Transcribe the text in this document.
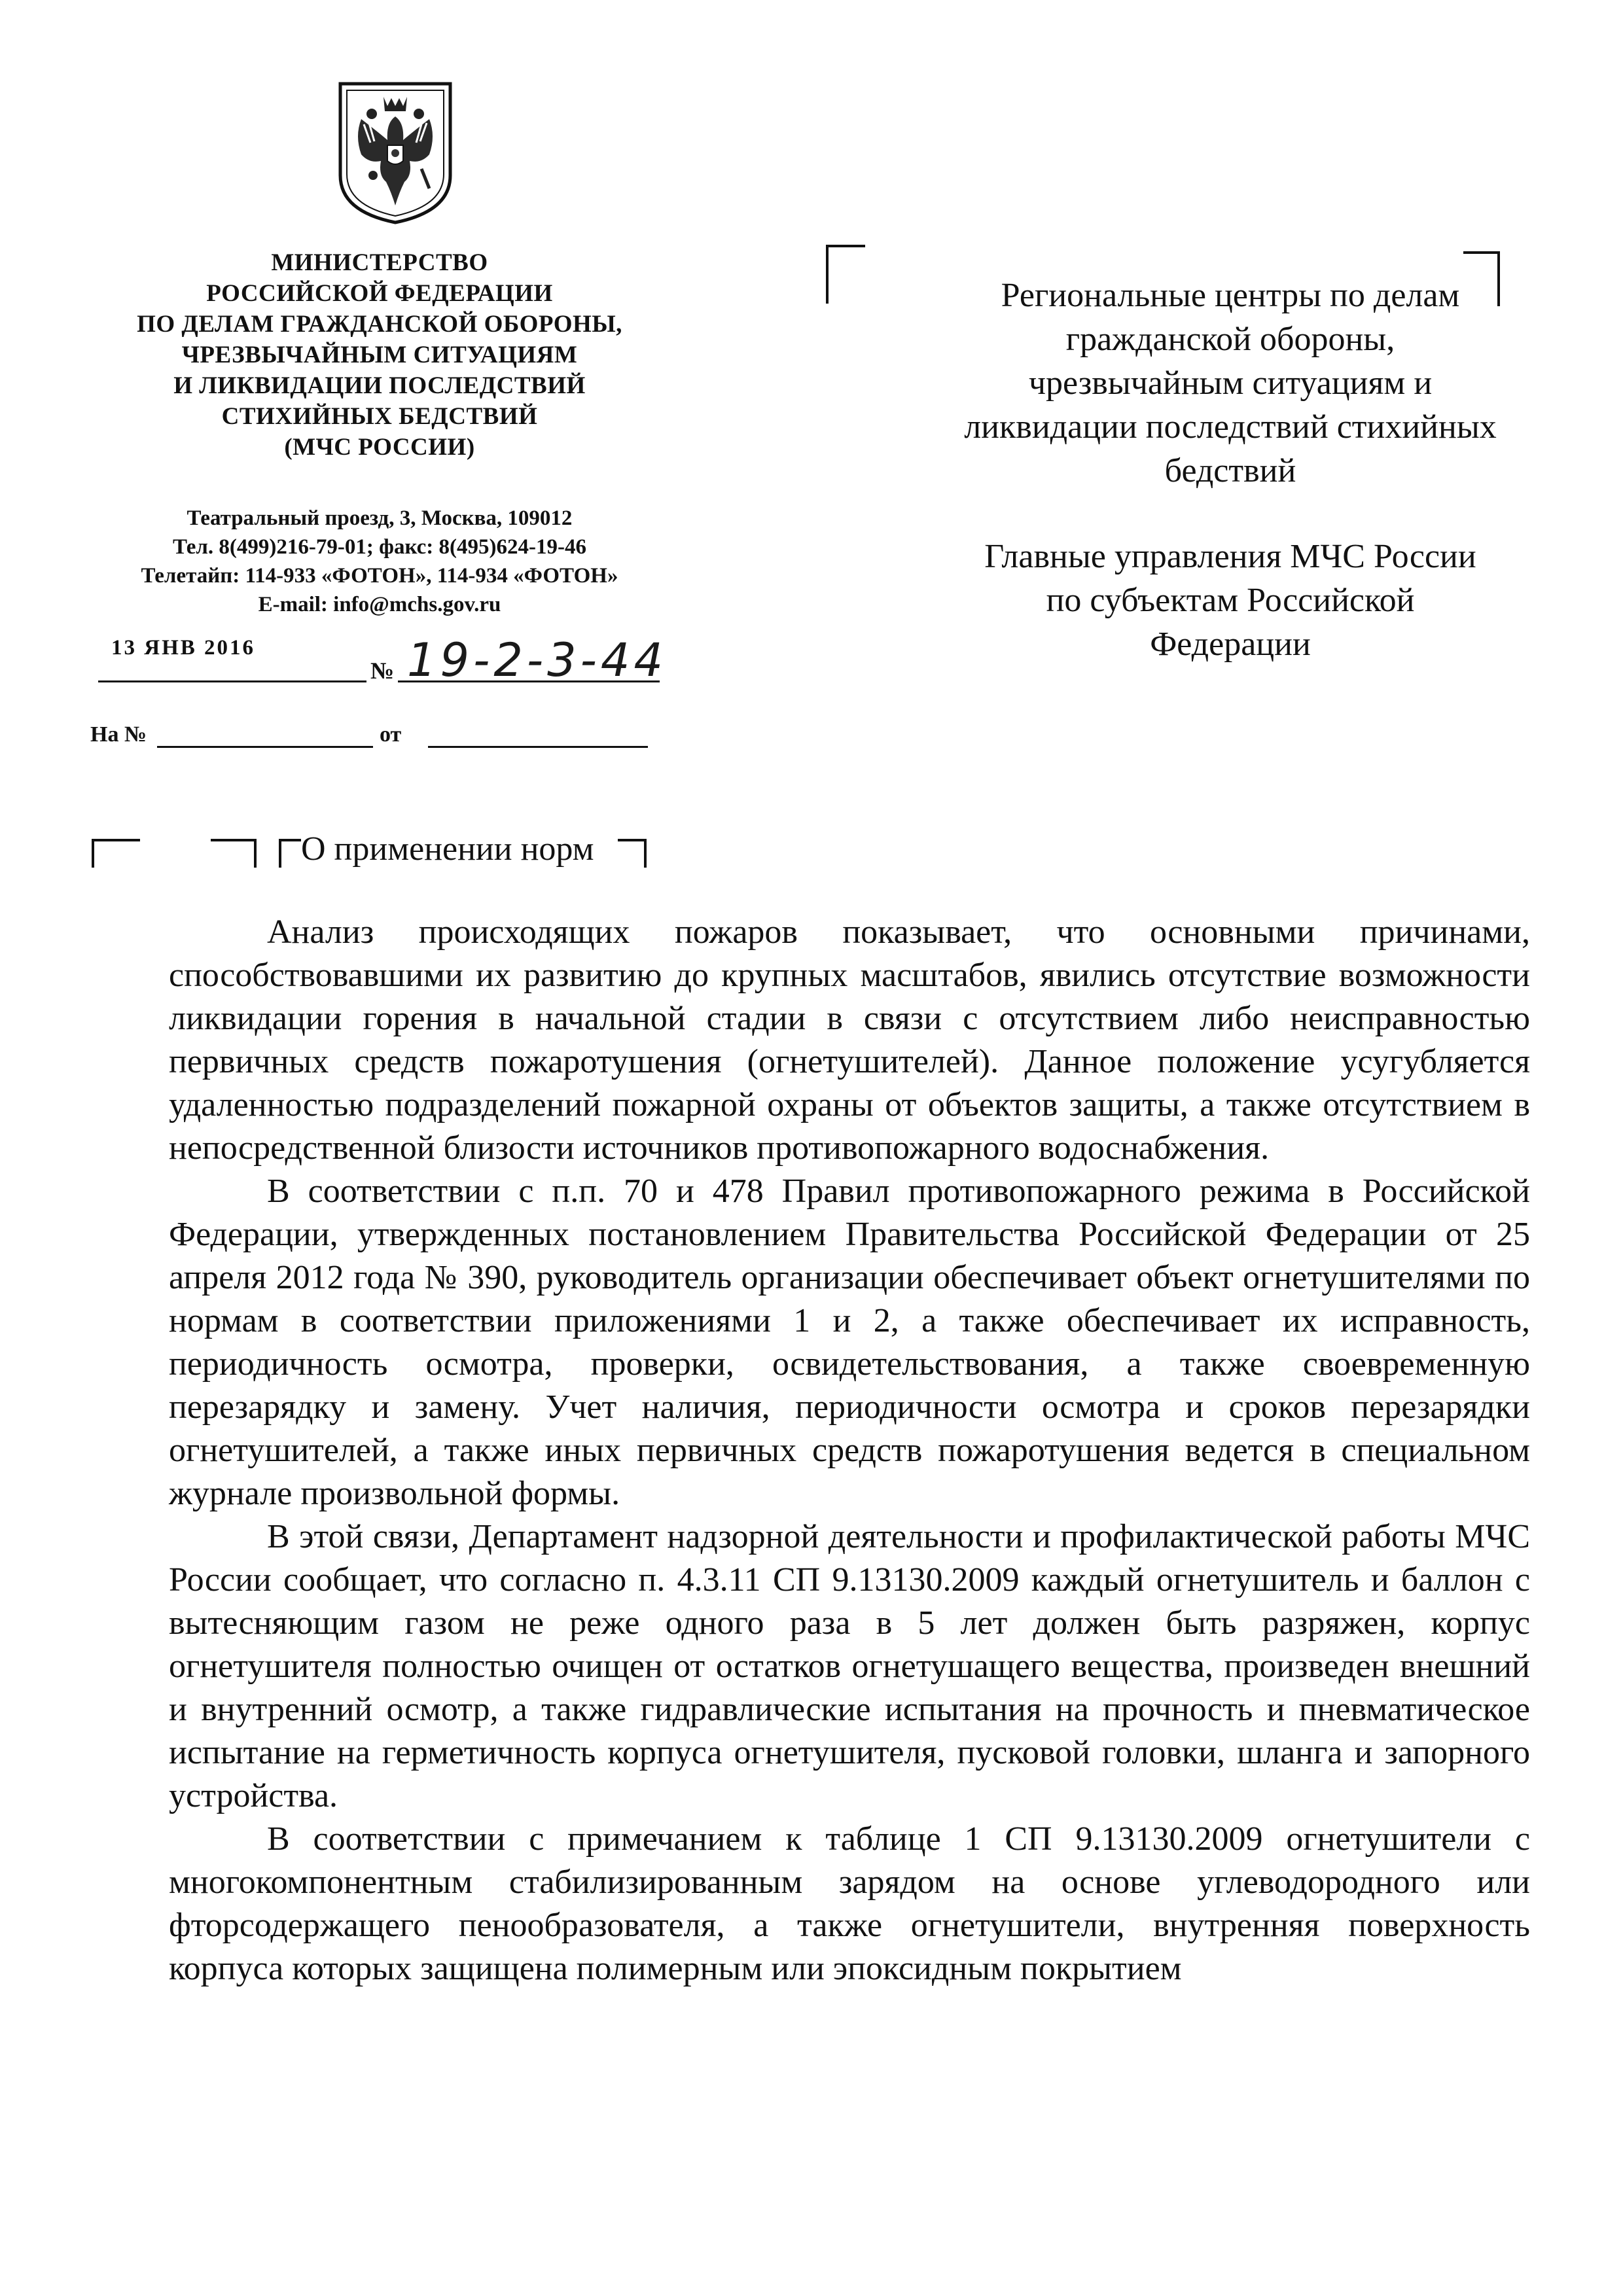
МИНИСТЕРСТВО
РОССИЙСКОЙ ФЕДЕРАЦИИ
ПО ДЕЛАМ ГРАЖДАНСКОЙ ОБОРОНЫ,
ЧРЕЗВЫЧАЙНЫМ СИТУАЦИЯМ
И ЛИКВИДАЦИИ ПОСЛЕДСТВИЙ
СТИХИЙНЫХ БЕДСТВИЙ
(МЧС РОССИИ)
Театральный проезд, 3, Москва, 109012
Тел. 8(499)216-79-01; факс: 8(495)624-19-46
Телетайп: 114-933 «ФОТОН», 114-934 «ФОТОН»
E-mail: info@mchs.gov.ru
13 ЯНВ 2016
№ 19-2-3-44
На №	от
Региональные центры по делам
гражданской обороны,
чрезвычайным ситуациям и
ликвидации последствий стихийных
бедствий
Главные управления МЧС России
по субъектам Российской
Федерации
О применении норм

Анализ происходящих пожаров показывает, что основными причинами, способствовавшими их развитию до крупных масштабов, явились отсутствие возможности ликвидации горения в начальной стадии в связи с отсутствием либо неисправностью первичных средств пожаротушения (огнетушителей). Данное положение усугубляется удаленностью подразделений пожарной охраны от объектов защиты, а также отсутствием в непосредственной близости источников противопожарного водоснабжения.

В соответствии с п.п. 70 и 478 Правил противопожарного режима в Российской Федерации, утвержденных постановлением Правительства Российской Федерации от 25 апреля 2012 года № 390, руководитель организации обеспечивает объект огнетушителями по нормам в соответствии приложениями 1 и 2, а также обеспечивает их исправность, периодичность осмотра, проверки, освидетельствования, а также своевременную перезарядку и замену. Учет наличия, периодичности осмотра и сроков перезарядки огнетушителей, а также иных первичных средств пожаротушения ведется в специальном журнале произвольной формы.

В этой связи, Департамент надзорной деятельности и профилактической работы МЧС России сообщает, что согласно п. 4.3.11 СП 9.13130.2009 каждый огнетушитель и баллон с вытесняющим газом не реже одного раза в 5 лет должен быть разряжен, корпус огнетушителя полностью очищен от остатков огнетушащего вещества, произведен внешний и внутренний осмотр, а также гидравлические испытания на прочность и пневматическое испытание на герметичность корпуса огнетушителя, пусковой головки, шланга и запорного устройства.

В соответствии с примечанием к таблице 1 СП 9.13130.2009 огнетушители с многокомпонентным стабилизированным зарядом на основе углеводородного или фторсодержащего пенообразователя, а также огнетушители, внутренняя поверхность корпуса которых защищена полимерным или эпоксидным покрытием
